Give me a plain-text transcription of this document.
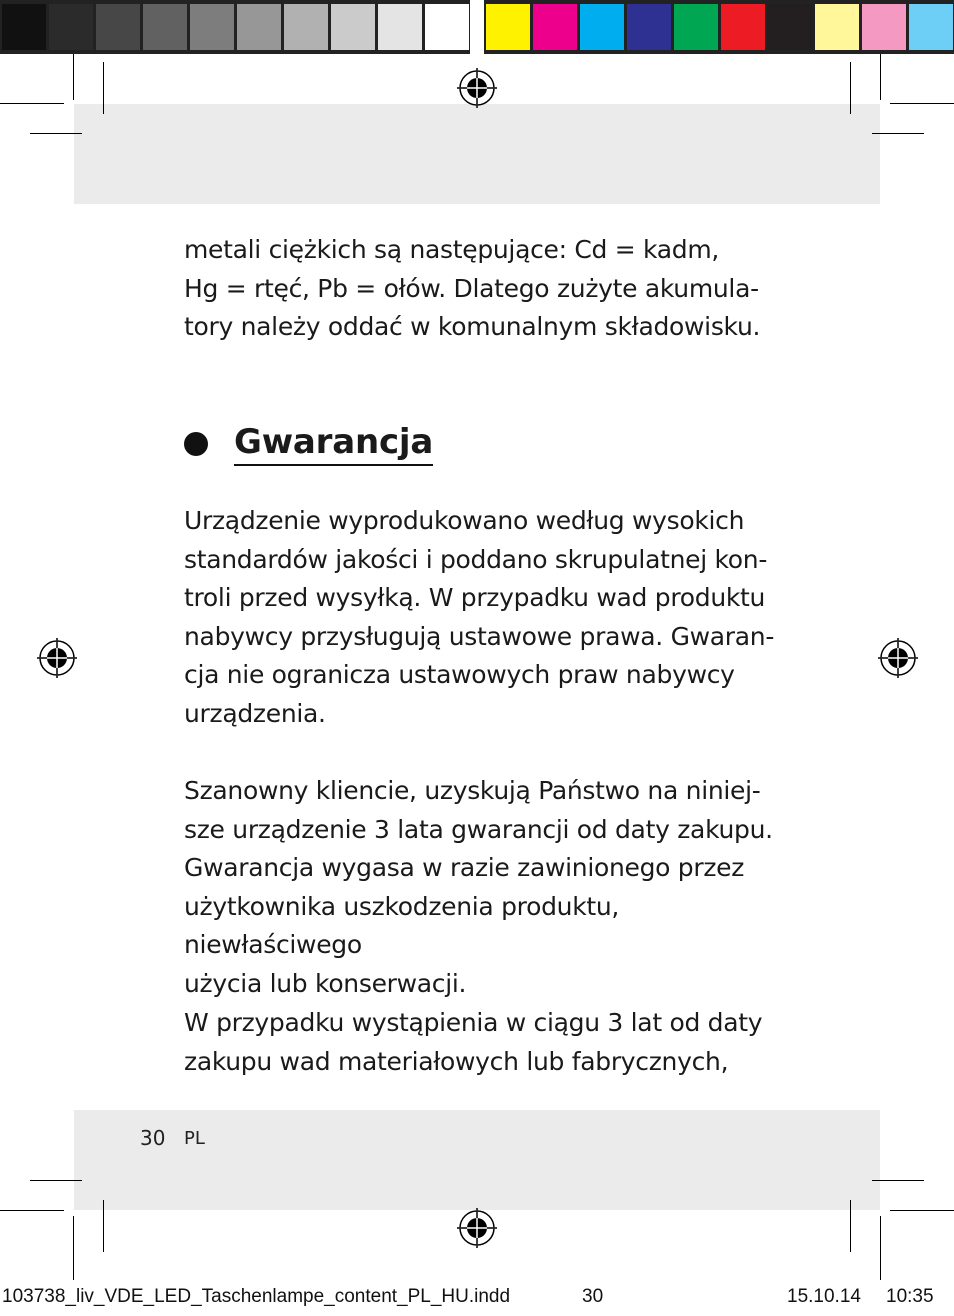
metali ciężkich są następujące: Cd = kadm,
Hg = rtęć, Pb = ołów. Dlatego zużyte akumula-
tory należy oddać w komunalnym składowisku.
Gwarancja
Urządzenie wyprodukowano według wysokich
standardów jakości i poddano skrupulatnej kon-
troli przed wysyłką. W przypadku wad produktu
nabywcy przysługują ustawowe prawa. Gwaran-
cja nie ogranicza ustawowych praw nabywcy
urządzenia.
Szanowny kliencie, uzyskują Państwo na niniej-
sze urządzenie 3 lata gwarancji od daty zakupu.
Gwarancja wygasa w razie zawinionego przez
użytkownika uszkodzenia produktu, niewłaściwego
użycia lub konserwacji.
W przypadku wystąpienia w ciągu 3 lat od daty
zakupu wad materiałowych lub fabrycznych,
30 PL
103738_liv_VDE_LED_Taschenlampe_content_PL_HU.indd	30	15.10.14 10:35
